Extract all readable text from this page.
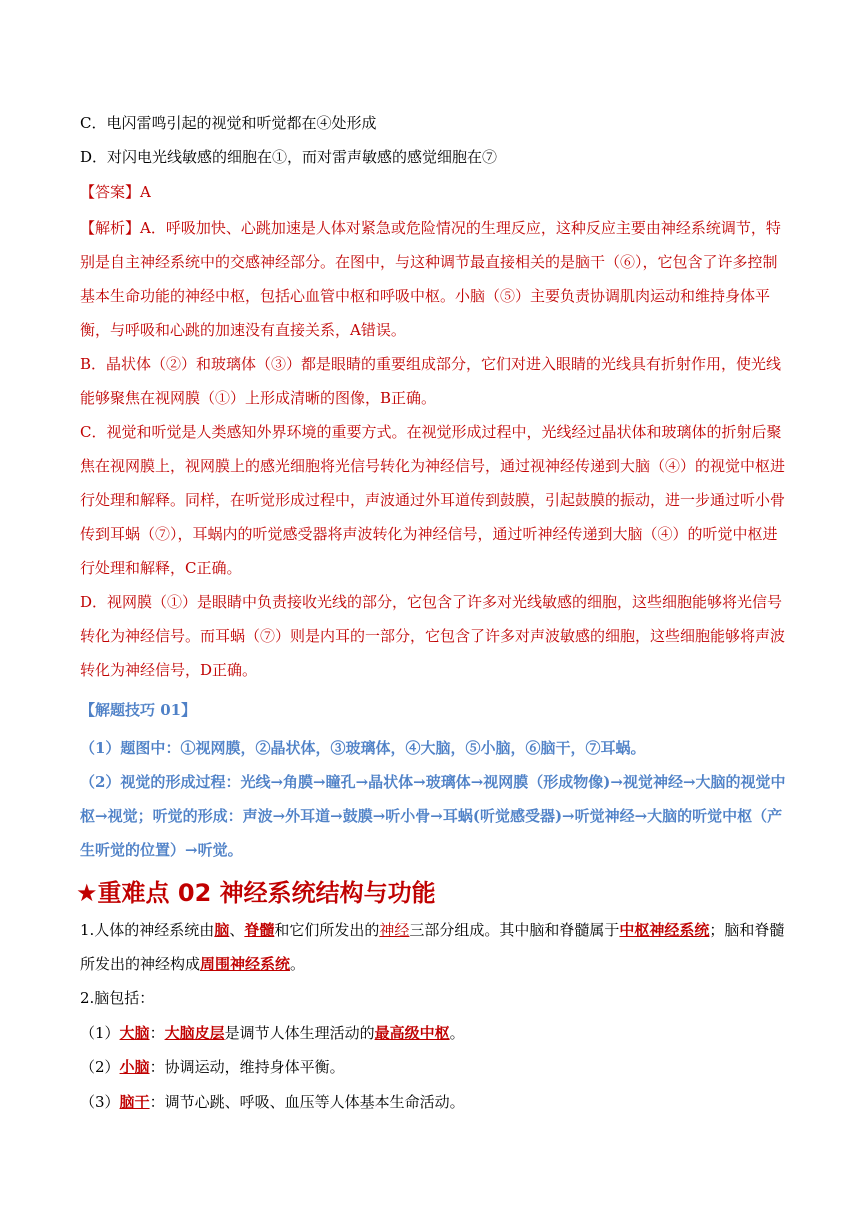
C．电闪雷鸣引起的视觉和听觉都在④处形成
D．对闪电光线敏感的细胞在①，而对雷声敏感的感觉细胞在⑦
【答案】A
【解析】A．呼吸加快、心跳加速是人体对紧急或危险情况的生理反应，这种反应主要由神经系统调节，特别是自主神经系统中的交感神经部分。在图中，与这种调节最直接相关的是脑干（⑥），它包含了许多控制基本生命功能的神经中枢，包括心血管中枢和呼吸中枢。小脑（⑤）主要负责协调肌肉运动和维持身体平衡，与呼吸和心跳的加速没有直接关系，A错误。
B．晶状体（②）和玻璃体（③）都是眼睛的重要组成部分，它们对进入眼睛的光线具有折射作用，使光线能够聚焦在视网膜（①）上形成清晰的图像，B正确。
C．视觉和听觉是人类感知外界环境的重要方式。在视觉形成过程中，光线经过晶状体和玻璃体的折射后聚焦在视网膜上，视网膜上的感光细胞将光信号转化为神经信号，通过视神经传递到大脑（④）的视觉中枢进行处理和解释。同样，在听觉形成过程中，声波通过外耳道传到鼓膜，引起鼓膜的振动，进一步通过听小骨传到耳蜗（⑦），耳蜗内的听觉感受器将声波转化为神经信号，通过听神经传递到大脑（④）的听觉中枢进行处理和解释，C正确。
D．视网膜（①）是眼睛中负责接收光线的部分，它包含了许多对光线敏感的细胞，这些细胞能够将光信号转化为神经信号。而耳蜗（⑦）则是内耳的一部分，它包含了许多对声波敏感的细胞，这些细胞能够将声波转化为神经信号，D正确。
【解题技巧 01】
（1）题图中：①视网膜，②晶状体，③玻璃体，④大脑，⑤小脑，⑥脑干，⑦耳蜗。
（2）视觉的形成过程：光线→角膜→瞳孔→晶状体→玻璃体→视网膜（形成物像)→视觉神经→大脑的视觉中枢→视觉；听觉的形成：声波→外耳道→鼓膜→听小骨→耳蜗(听觉感受器)→听觉神经→大脑的听觉中枢（产生听觉的位置）→听觉。
★重难点 02 神经系统结构与功能
1.人体的神经系统由脑、脊髓和它们所发出的神经三部分组成。其中脑和脊髓属于中枢神经系统；脑和脊髓所发出的神经构成周围神经系统。
2.脑包括：
（1）大脑：大脑皮层是调节人体生理活动的最高级中枢。
（2）小脑：协调运动，维持身体平衡。
（3）脑干：调节心跳、呼吸、血压等人体基本生命活动。
